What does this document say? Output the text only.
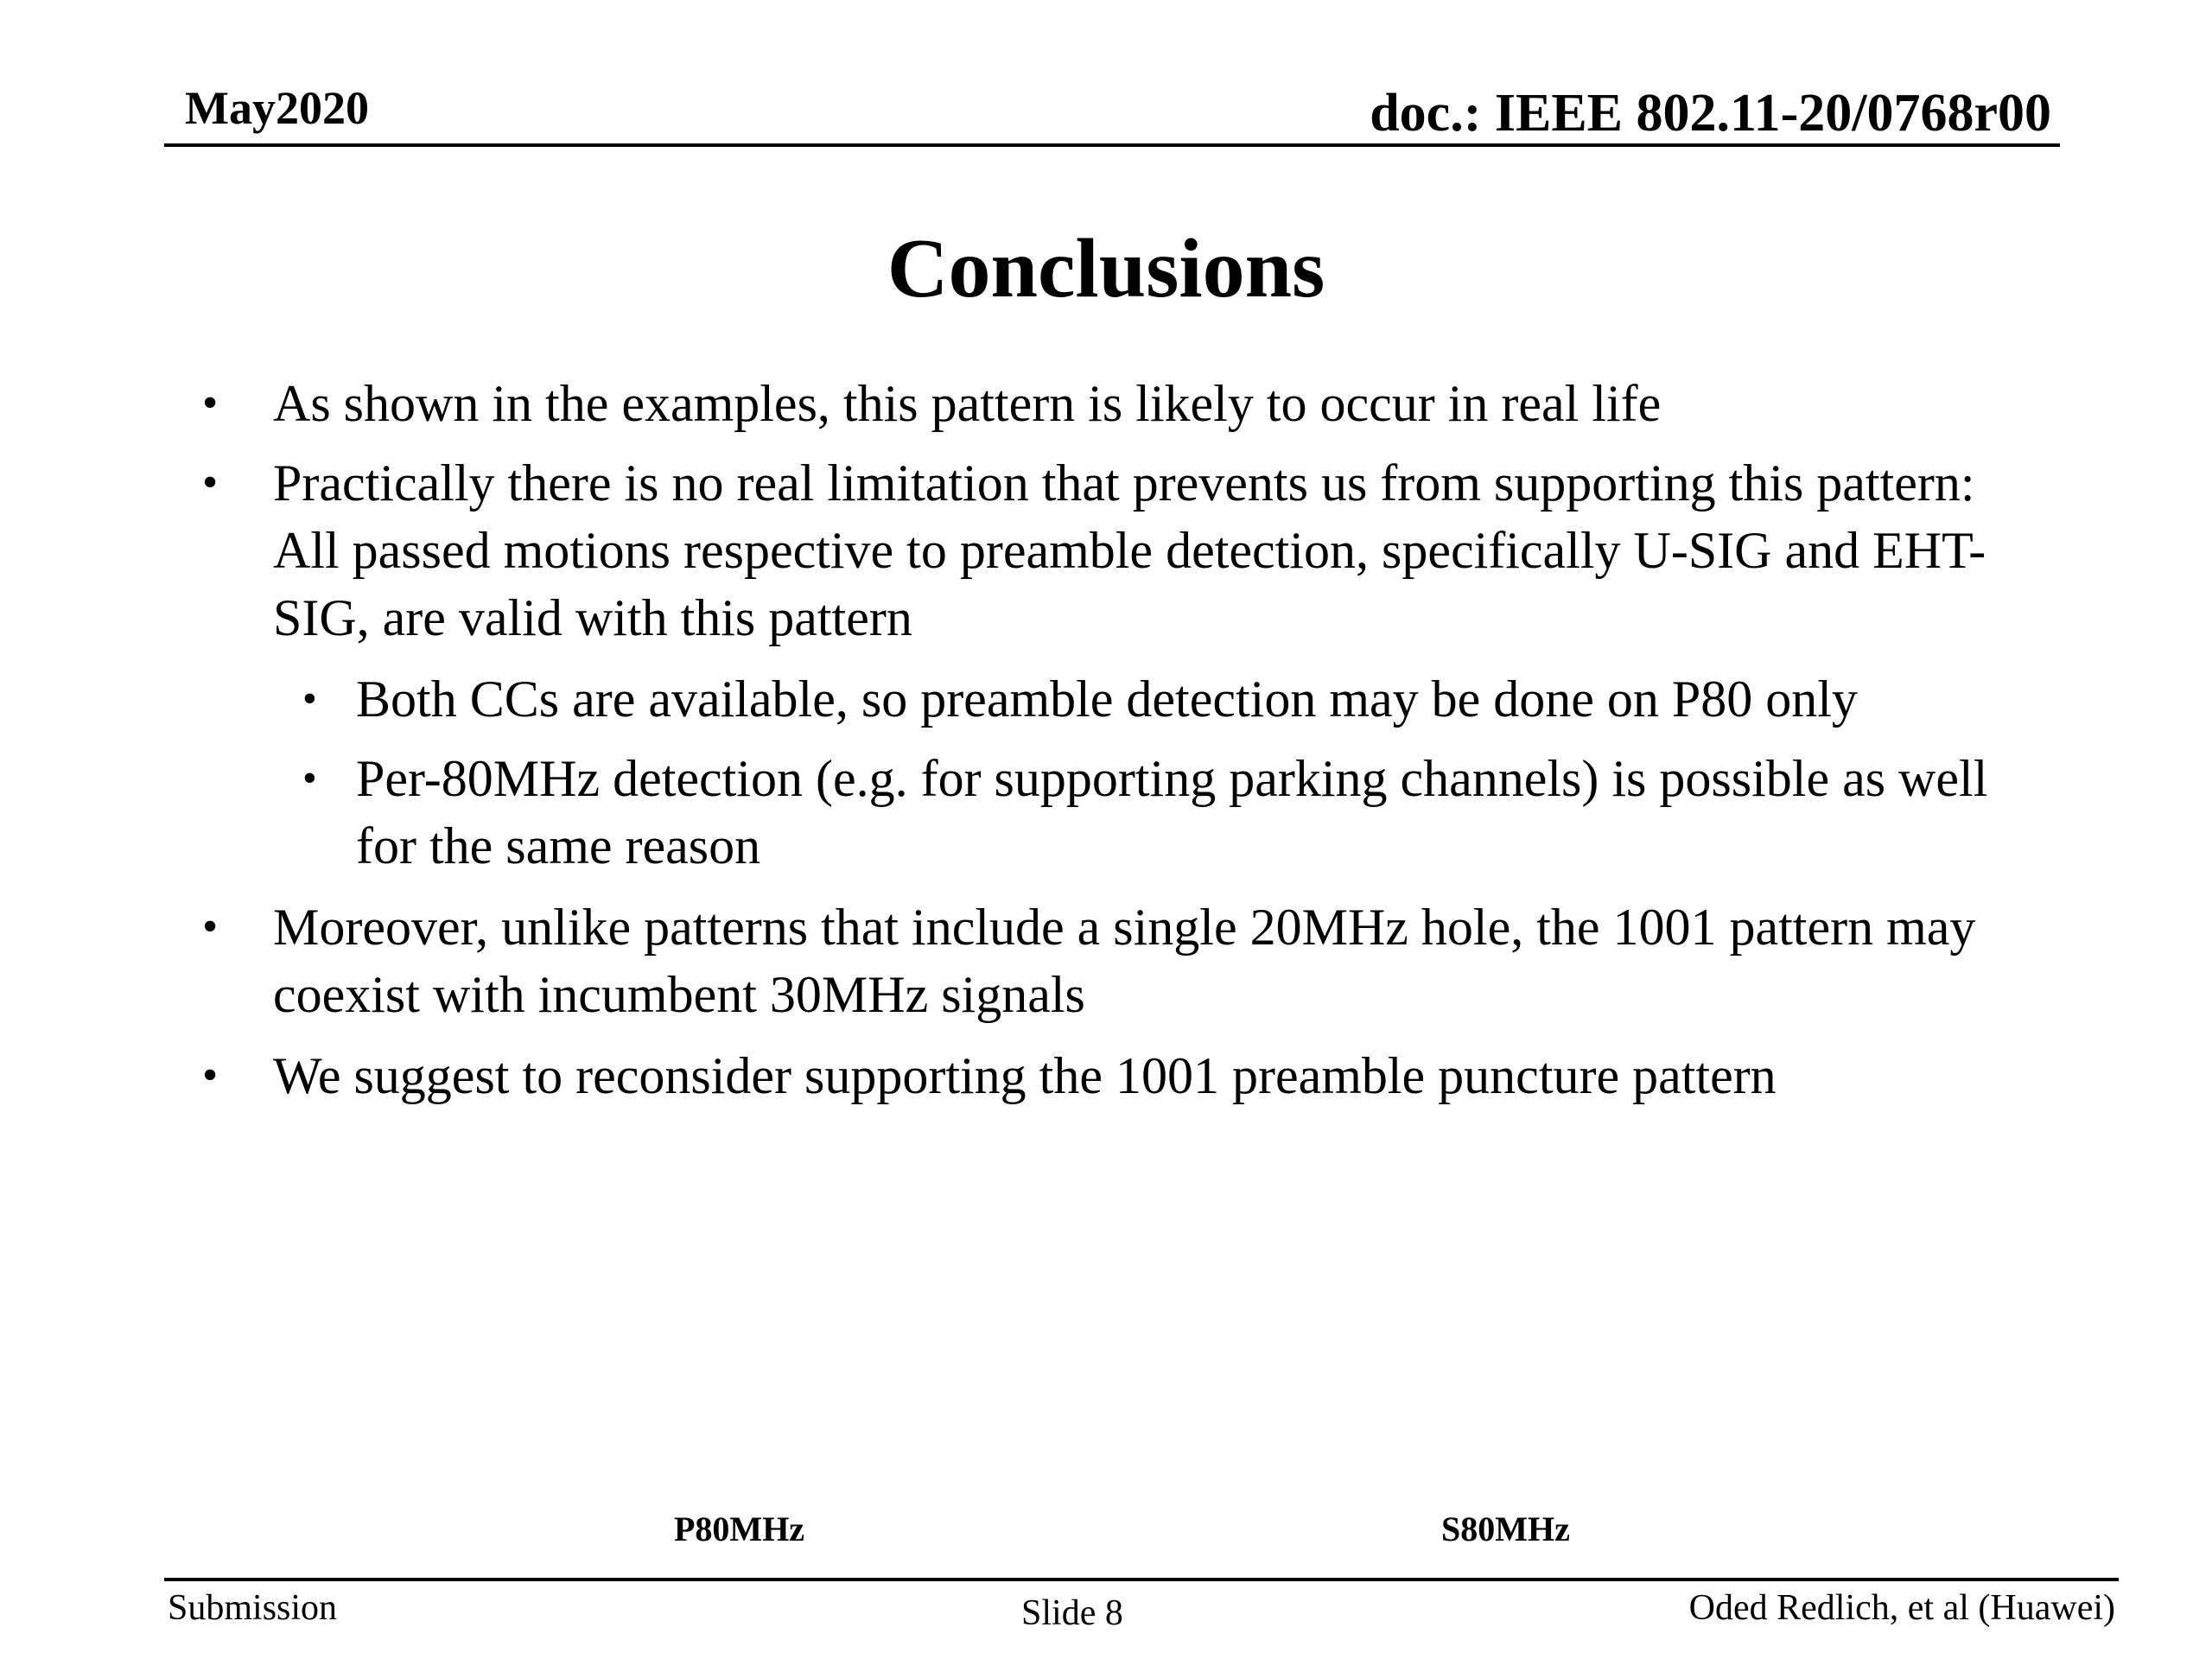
May2020	doc.: IEEE 802.11-20/0768r00
Conclusions
• As shown in the examples, this pattern is likely to occur in real life
• Practically there is no real limitation that prevents us from supporting this pattern: All passed motions respective to preamble detection, specifically U-SIG and EHT-SIG, are valid with this pattern
• Both CCs are available, so preamble detection may be done on P80 only
• Per-80MHz detection (e.g. for supporting parking channels) is possible as well for the same reason
• Moreover, unlike patterns that include a single 20MHz hole, the 1001 pattern may coexist with incumbent 30MHz signals
• We suggest to reconsider supporting the 1001 preamble puncture pattern
P80MHz	S80MHz
Submission	Slide 8	Oded Redlich, et al (Huawei)
